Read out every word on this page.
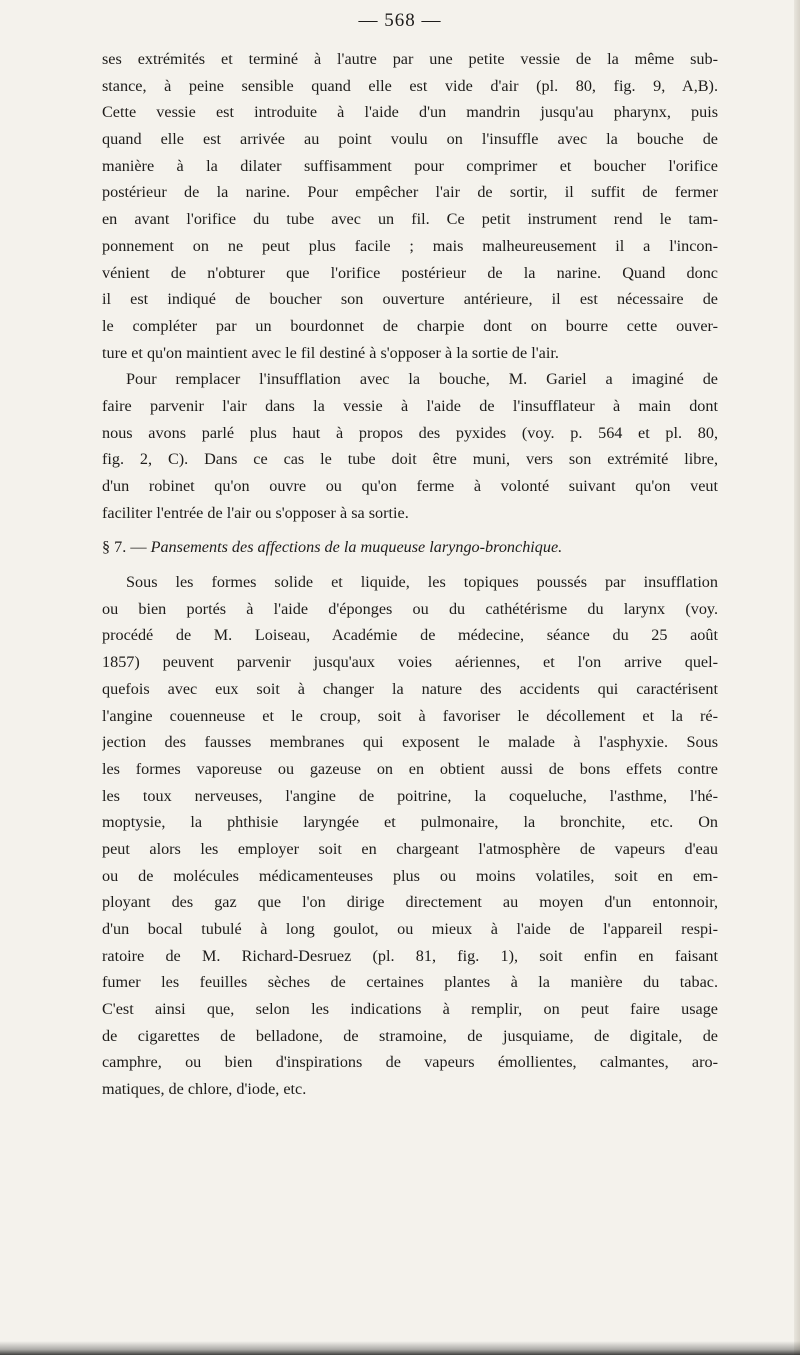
— 568 —
ses extrémités et terminé à l'autre par une petite vessie de la même sub-
stance, à peine sensible quand elle est vide d'air (pl. 80, fig. 9, A,B).
Cette vessie est introduite à l'aide d'un mandrin jusqu'au pharynx, puis
quand elle est arrivée au point voulu on l'insuffle avec la bouche de
manière à la dilater suffisamment pour comprimer et boucher l'orifice
postérieur de la narine. Pour empêcher l'air de sortir, il suffit de fermer
en avant l'orifice du tube avec un fil. Ce petit instrument rend le tam-
ponnement on ne peut plus facile ; mais malheureusement il a l'incon-
vénient de n'obturer que l'orifice postérieur de la narine. Quand donc
il est indiqué de boucher son ouverture antérieure, il est nécessaire de
le compléter par un bourdonnet de charpie dont on bourre cette ouver-
ture et qu'on maintient avec le fil destiné à s'opposer à la sortie de l'air.
Pour remplacer l'insufflation avec la bouche, M. Gariel a imaginé de
faire parvenir l'air dans la vessie à l'aide de l'insufflateur à main dont
nous avons parlé plus haut à propos des pyxides (voy. p. 564 et pl. 80,
fig. 2, C). Dans ce cas le tube doit être muni, vers son extrémité libre,
d'un robinet qu'on ouvre ou qu'on ferme à volonté suivant qu'on veut
faciliter l'entrée de l'air ou s'opposer à sa sortie.
§ 7. — Pansements des affections de la muqueuse laryngo-bronchique.
Sous les formes solide et liquide, les topiques poussés par insufflation
ou bien portés à l'aide d'éponges ou du cathétérisme du larynx (voy.
procédé de M. Loiseau, Académie de médecine, séance du 25 août
1857) peuvent parvenir jusqu'aux voies aériennes, et l'on arrive quel-
quefois avec eux soit à changer la nature des accidents qui caractérisent
l'angine couenneuse et le croup, soit à favoriser le décollement et la ré-
jection des fausses membranes qui exposent le malade à l'asphyxie. Sous
les formes vaporeuse ou gazeuse on en obtient aussi de bons effets contre
les toux nerveuses, l'angine de poitrine, la coqueluche, l'asthme, l'hé-
moptysie, la phthisie laryngée et pulmonaire, la bronchite, etc. On
peut alors les employer soit en chargeant l'atmosphère de vapeurs d'eau
ou de molécules médicamenteuses plus ou moins volatiles, soit en em-
ployant des gaz que l'on dirige directement au moyen d'un entonnoir,
d'un bocal tubulé à long goulot, ou mieux à l'aide de l'appareil respi-
ratoire de M. Richard-Desruez (pl. 81, fig. 1), soit enfin en faisant
fumer les feuilles sèches de certaines plantes à la manière du tabac.
C'est ainsi que, selon les indications à remplir, on peut faire usage
de cigarettes de belladone, de stramoine, de jusquiame, de digitale, de
camphre, ou bien d'inspirations de vapeurs émollientes, calmantes, aro-
matiques, de chlore, d'iode, etc.
